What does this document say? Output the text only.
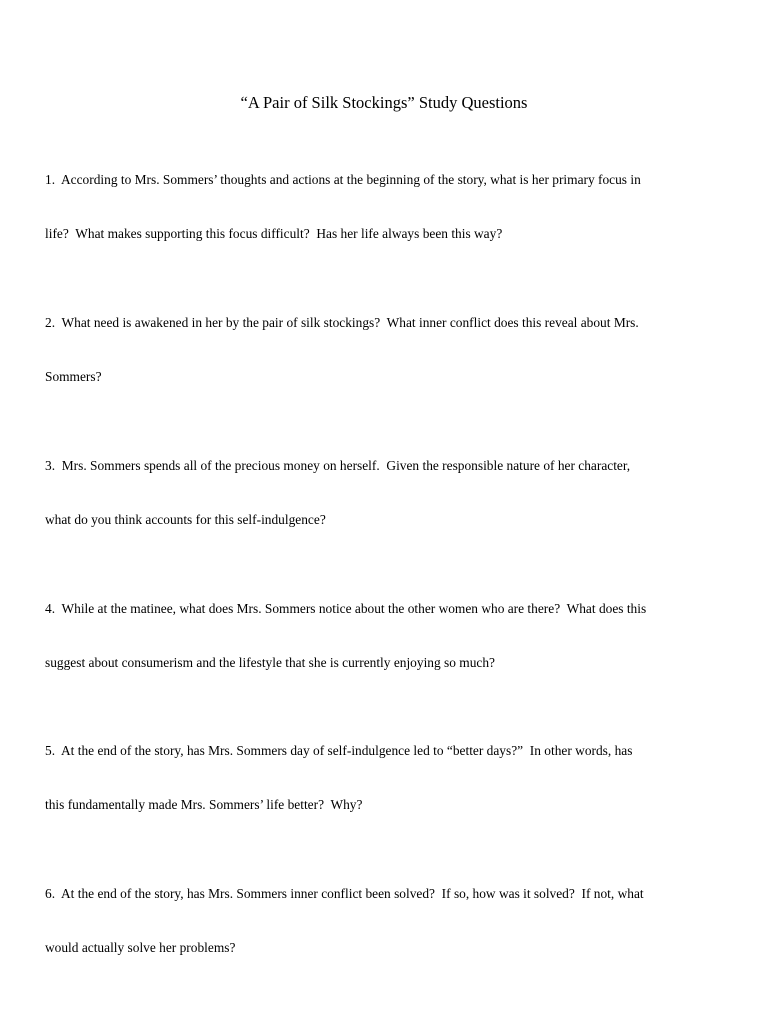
“A Pair of Silk Stockings” Study Questions

1.  According to Mrs. Sommers’ thoughts and actions at the beginning of the story, what is her primary focus in

life?  What makes supporting this focus difficult?  Has her life always been this way?

2.  What need is awakened in her by the pair of silk stockings?  What inner conflict does this reveal about Mrs.

Sommers?

3.  Mrs. Sommers spends all of the precious money on herself.  Given the responsible nature of her character,

what do you think accounts for this self-indulgence?

4.  While at the matinee, what does Mrs. Sommers notice about the other women who are there?  What does this

suggest about consumerism and the lifestyle that she is currently enjoying so much?

5.  At the end of the story, has Mrs. Sommers day of self-indulgence led to “better days?”  In other words, has

this fundamentally made Mrs. Sommers’ life better?  Why?

6.  At the end of the story, has Mrs. Sommers inner conflict been solved?  If so, how was it solved?  If not, what

would actually solve her problems?
